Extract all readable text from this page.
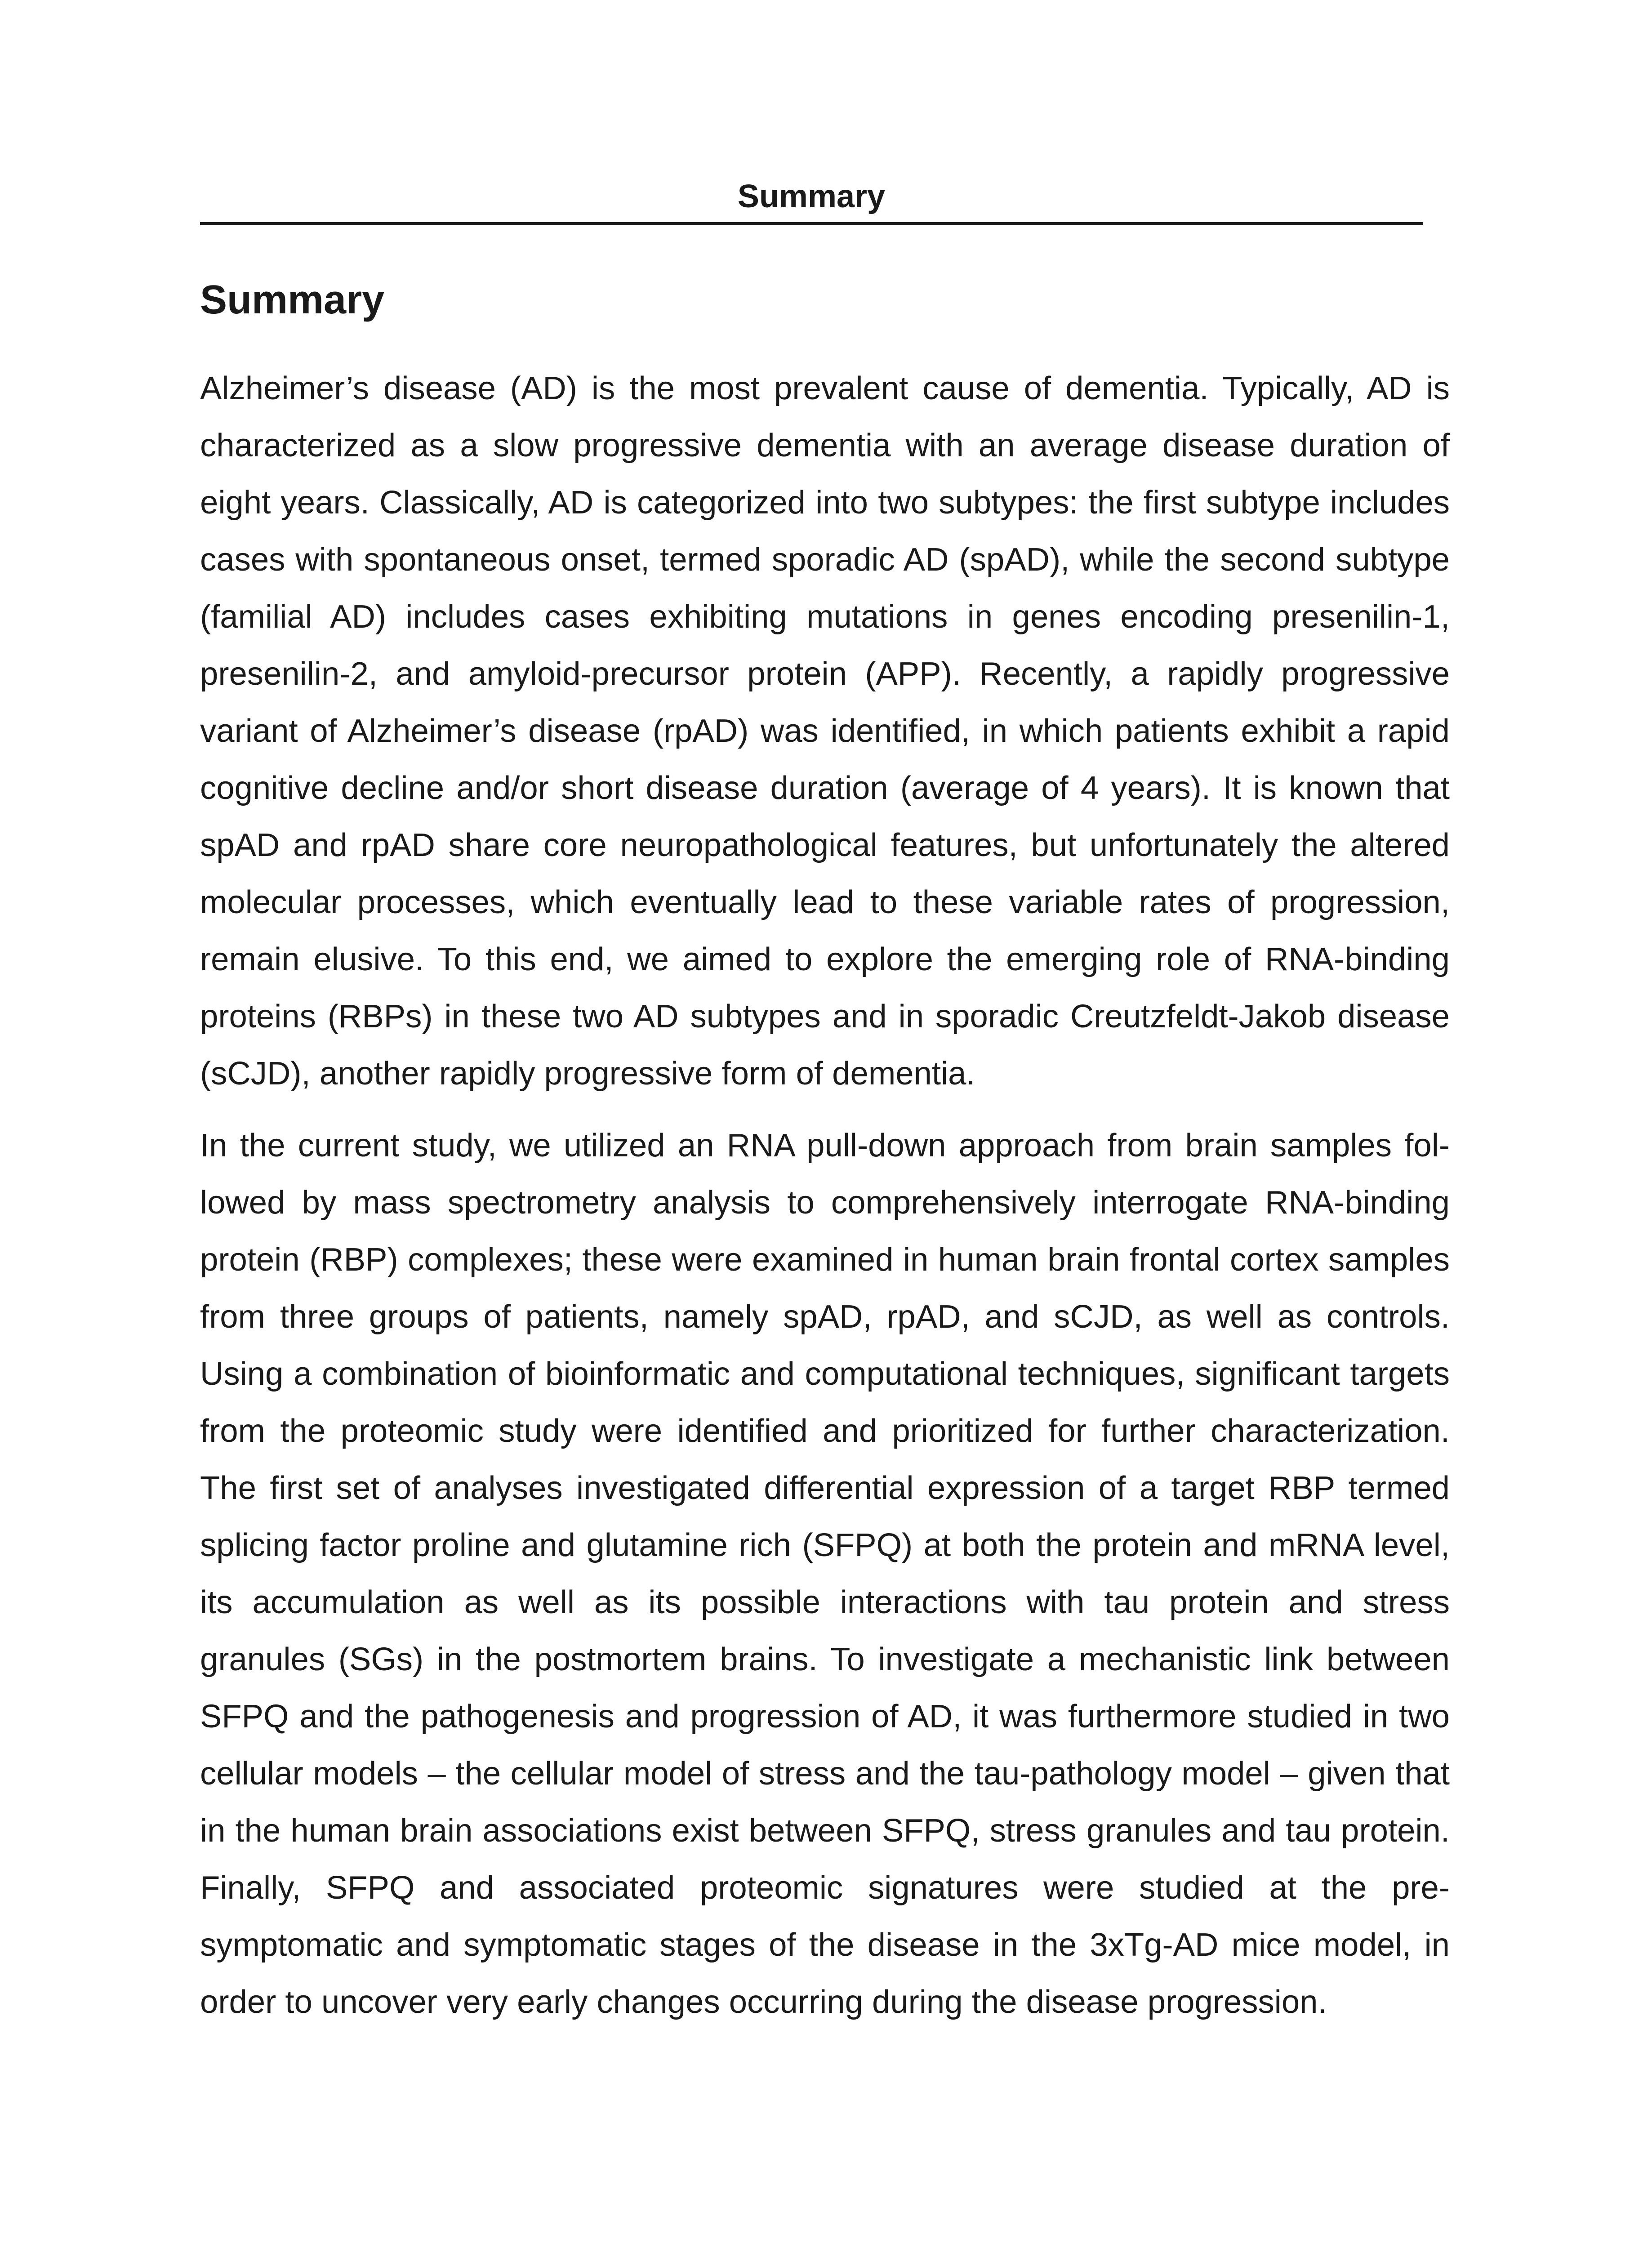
Summary
Summary

Alzheimer’s disease (AD) is the most prevalent cause of dementia. Typically, AD is characterized as a slow progressive dementia with an average disease duration of eight years. Classically, AD is categorized into two subtypes: the first subtype includes cases with spontaneous onset, termed sporadic AD (spAD), while the second subtype (familial AD) includes cases exhibiting mutations in genes encoding presenilin-1, presenilin-2, and amyloid-precursor protein (APP). Recently, a rapidly progressive variant of Alzheimer’s disease (rpAD) was identified, in which patients exhibit a rapid cognitive decline and/or short disease duration (average of 4 years). It is known that spAD and rpAD share core neuropathological features, but unfortunately the altered molecular processes, which eventually lead to these variable rates of progression, remain elusive. To this end, we aimed to explore the emerging role of RNA-binding proteins (RBPs) in these two AD subtypes and in sporadic Creutzfeldt-Jakob disease (sCJD), another rapidly progressive form of dementia.

In the current study, we utilized an RNA pull-down approach from brain samples followed by mass spectrometry analysis to comprehensively interrogate RNA-binding protein (RBP) complexes; these were examined in human brain frontal cortex samples from three groups of patients, namely spAD, rpAD, and sCJD, as well as controls. Using a combination of bioinformatic and computational techniques, significant targets from the proteomic study were identified and prioritized for further characterization. The first set of analyses investigated differential expression of a target RBP termed splicing factor proline and glutamine rich (SFPQ) at both the protein and mRNA level, its accumulation as well as its possible interactions with tau protein and stress granules (SGs) in the postmortem brains. To investigate a mechanistic link between SFPQ and the pathogenesis and progression of AD, it was furthermore studied in two cellular models – the cellular model of stress and the tau-pathology model – given that in the human brain associations exist between SFPQ, stress granules and tau protein. Finally, SFPQ and associated proteomic signatures were studied at the pre-symptomatic and symptomatic stages of the disease in the 3xTg-AD mice model, in order to uncover very early changes occurring during the disease progression.
